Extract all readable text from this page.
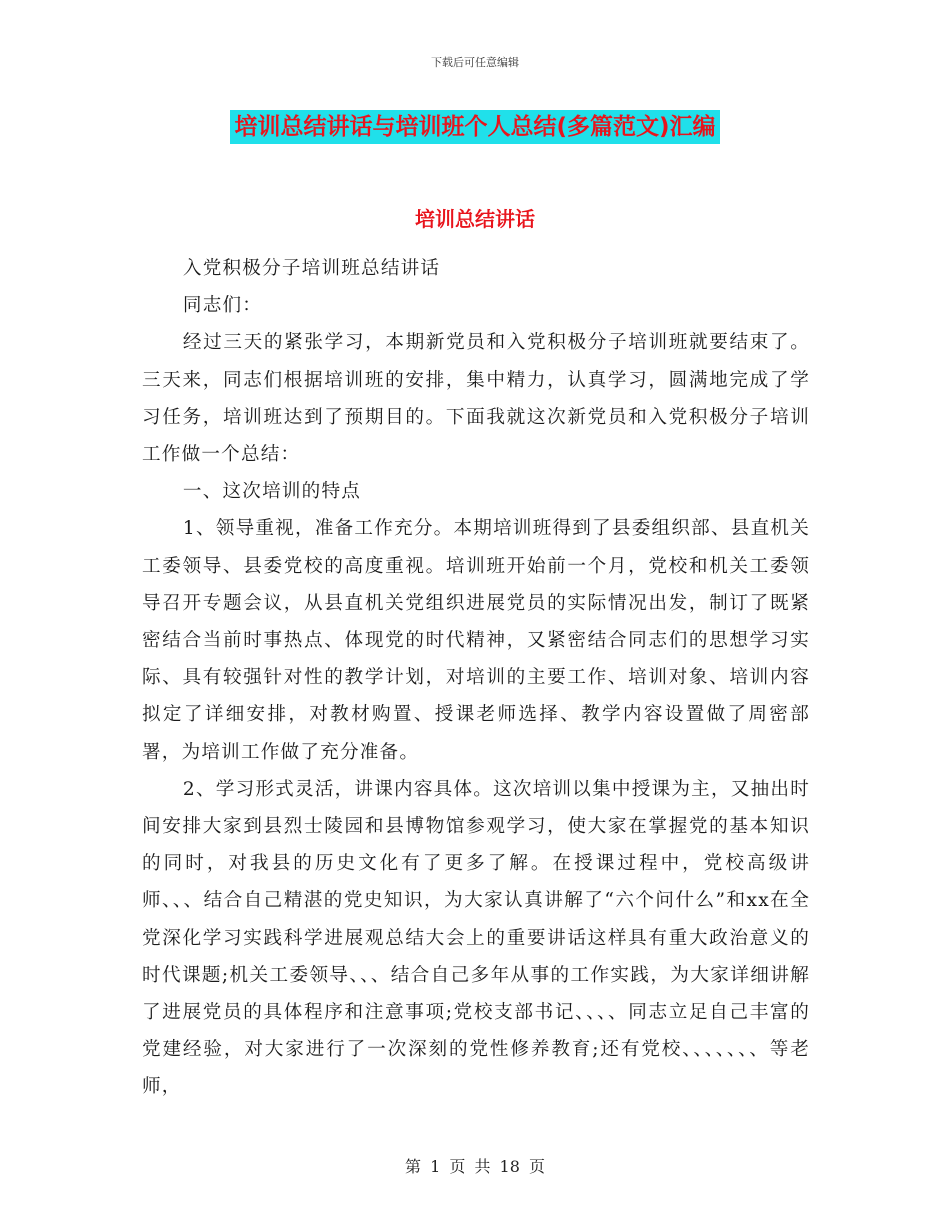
下载后可任意编辑
培训总结讲话与培训班个人总结(多篇范文)汇编
培训总结讲话

入党积极分子培训班总结讲话

同志们：

经过三天的紧张学习，本期新党员和入党积极分子培训班就要结束了。三天来，同志们根据培训班的安排，集中精力，认真学习，圆满地完成了学习任务，培训班达到了预期目的。下面我就这次新党员和入党积极分子培训工作做一个总结：

一、这次培训的特点

1、领导重视，准备工作充分。本期培训班得到了县委组织部、县直机关工委领导、县委党校的高度重视。培训班开始前一个月，党校和机关工委领导召开专题会议，从县直机关党组织进展党员的实际情况出发，制订了既紧密结合当前时事热点、体现党的时代精神，又紧密结合同志们的思想学习实际、具有较强针对性的教学计划，对培训的主要工作、培训对象、培训内容拟定了详细安排，对教材购置、授课老师选择、教学内容设置做了周密部署，为培训工作做了充分准备。

2、学习形式灵活，讲课内容具体。这次培训以集中授课为主，又抽出时间安排大家到县烈士陵园和县博物馆参观学习，使大家在掌握党的基本知识的同时，对我县的历史文化有了更多了解。在授课过程中，党校高级讲师、、、结合自己精湛的党史知识，为大家认真讲解了“六个问什么”和xx在全党深化学习实践科学进展观总结大会上的重要讲话这样具有重大政治意义的时代课题;机关工委领导、、、结合自己多年从事的工作实践，为大家详细讲解了进展党员的具体程序和注意事项;党校支部书记、、、、同志立足自己丰富的党建经验，对大家进行了一次深刻的党性修养教育;还有党校、、、、、、、等老师，

第 1 页 共 18 页
